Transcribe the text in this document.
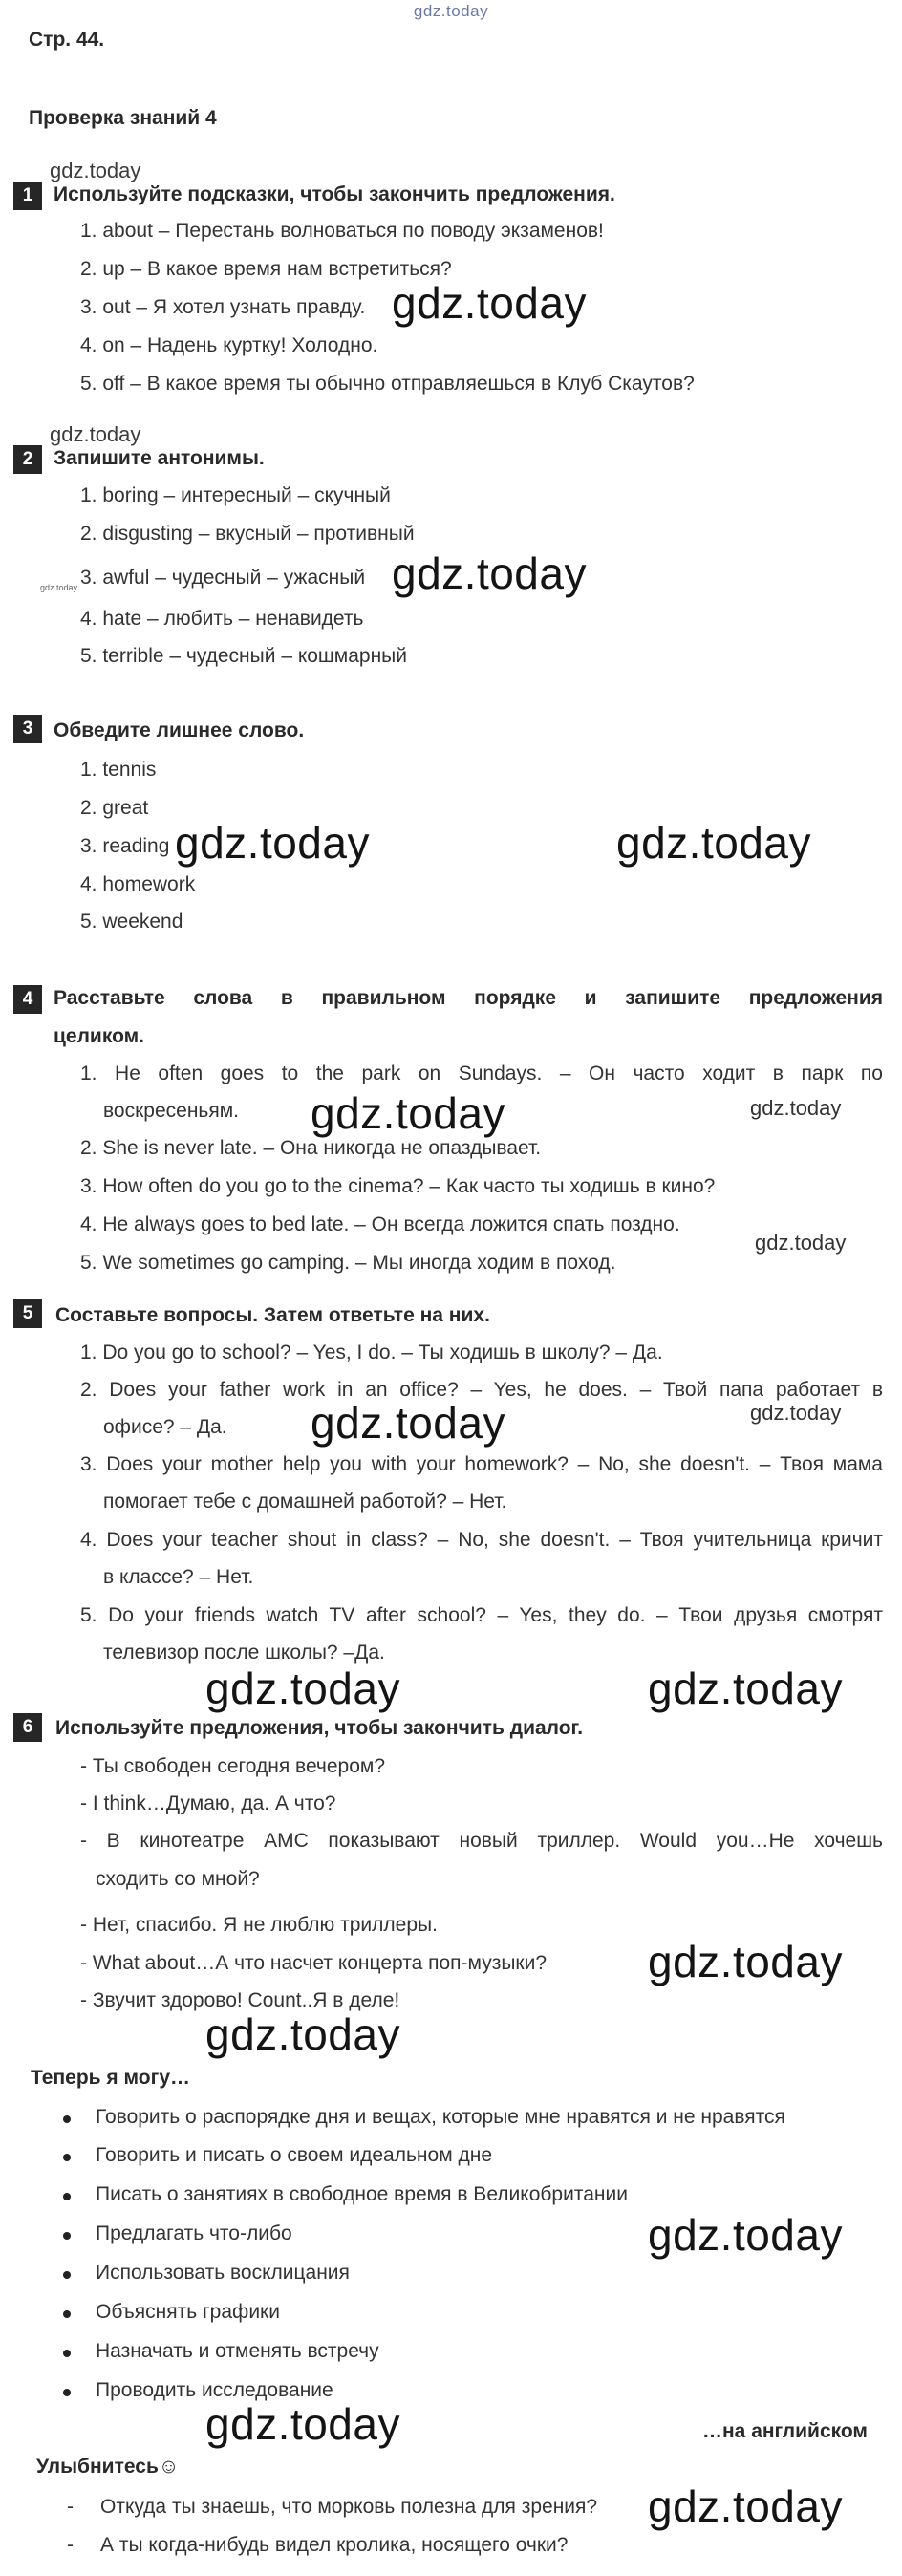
gdz.today
Стр. 44.
Проверка знаний 4
gdz.today
1	Используйте подсказки, чтобы закончить предложения.
1. about – Перестань волноваться по поводу экзаменов!
2. up – В какое время нам встретиться?
3. out – Я хотел узнать правду. gdz.today
4. on – Надень куртку! Холодно.
5. off – В какое время ты обычно отправляешься в Клуб Скаутов?
gdz.today
2	Запишите антонимы.
1. boring – интересный – скучный
2. disgusting – вкусный – противный
gdz.today 3. awful – чудесный – ужасный gdz.today
4. hate – любить – ненавидеть
5. terrible – чудесный – кошмарный
3	Обведите лишнее слово.
1. tennis
2. great
3. reading gdz.today	gdz.today
4. homework
5. weekend
4	Расставьте слова в правильном порядке и запишите предложения
целиком.
1. He often goes to the park on Sundays. – Он часто ходит в парк по
воскресеньям. gdz.today	gdz.today
2. She is never late. – Она никогда не опаздывает.
3. How often do you go to the cinema? – Как часто ты ходишь в кино?
4. He always goes to bed late. – Он всегда ложится спать поздно.
gdz.today
5. We sometimes go camping. – Мы иногда ходим в поход.
5	Составьте вопросы. Затем ответьте на них.
1. Do you go to school? – Yes, I do. – Ты ходишь в школу? – Да.
2. Does your father work in an office? – Yes, he does. – Твой папа работает в
офисе? – Да. gdz.today	gdz.today
3. Does your mother help you with your homework? – No, she doesn't. – Твоя мама
помогает тебе с домашней работой? – Нет.
4. Does your teacher shout in class? – No, she doesn't. – Твоя учительница кричит
в классе? – Нет.
5. Do your friends watch TV after school? – Yes, they do. – Твои друзья смотрят
телевизор после школы? –Да.
gdz.today	gdz.today
6	Используйте предложения, чтобы закончить диалог.
- Ты свободен сегодня вечером?
- I think…Думаю, да. А что?
- В кинотеатре АМС показывают новый триллер. Would you…Не хочешь
сходить со мной?
- Нет, спасибо. Я не люблю триллеры.
- What about…А что насчет концерта поп-музыки? gdz.today
- Звучит здорово! Count..Я в деле!
gdz.today
Теперь я могу…
Говорить о распорядке дня и вещах, которые мне нравятся и не нравятся
Говорить и писать о своем идеальном дне
Писать о занятиях в свободное время в Великобритании
Предлагать что-либо	gdz.today
Использовать восклицания
Объяснять графики
Назначать и отменять встречу
Проводить исследование
gdz.today	…на английском
Улыбнитесь☺
- Откуда ты знаешь, что морковь полезна для зрения? gdz.today
- А ты когда-нибудь видел кролика, носящего очки?
